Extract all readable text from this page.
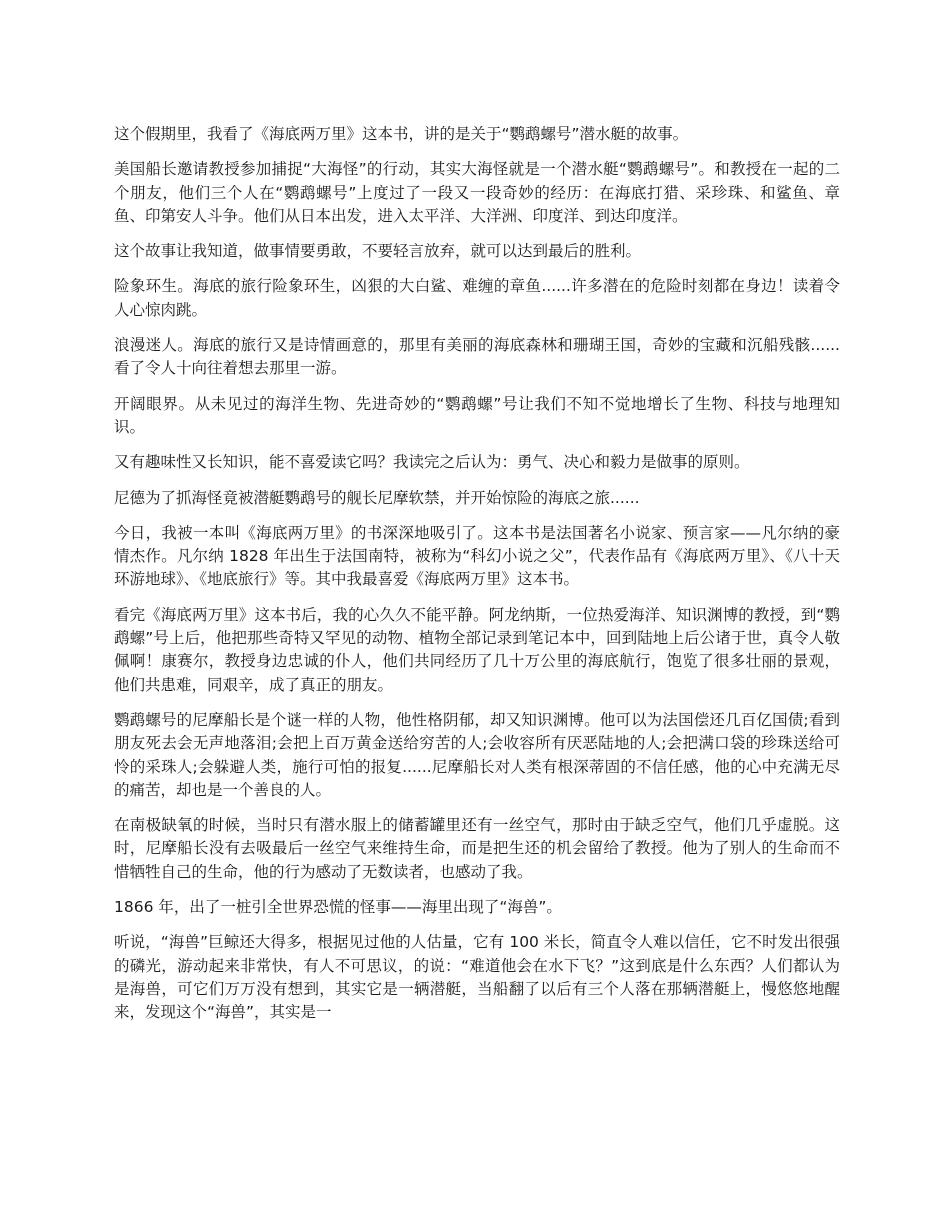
这个假期里，我看了《海底两万里》这本书，讲的是关于“鹦鹉螺号”潜水艇的故事。

美国船长邀请教授参加捕捉“大海怪”的行动，其实大海怪就是一个潜水艇“鹦鹉螺号”。和教授在一起的二个朋友，他们三个人在“鹦鹉螺号”上度过了一段又一段奇妙的经历：在海底打猎、采珍珠、和鲨鱼、章鱼、印第安人斗争。他们从日本出发，进入太平洋、大洋洲、印度洋、到达印度洋。

这个故事让我知道，做事情要勇敢，不要轻言放弃，就可以达到最后的胜利。

险象环生。海底的旅行险象环生，凶狠的大白鲨、难缠的章鱼......许多潜在的危险时刻都在身边！读着令人心惊肉跳。

浪漫迷人。海底的旅行又是诗情画意的，那里有美丽的海底森林和珊瑚王国，奇妙的宝藏和沉船残骸......看了令人十向往着想去那里一游。

开阔眼界。从未见过的海洋生物、先进奇妙的“鹦鹉螺”号让我们不知不觉地增长了生物、科技与地理知识。

又有趣味性又长知识，能不喜爱读它吗？我读完之后认为：勇气、决心和毅力是做事的原则。

尼德为了抓海怪竟被潜艇鹦鹉号的舰长尼摩软禁，并开始惊险的海底之旅......

今日，我被一本叫《海底两万里》的书深深地吸引了。这本书是法国著名小说家、预言家——凡尔纳的豪情杰作。凡尔纳 1828 年出生于法国南特，被称为“科幻小说之父”，代表作品有《海底两万里》、《八十天环游地球》、《地底旅行》等。其中我最喜爱《海底两万里》这本书。

看完《海底两万里》这本书后，我的心久久不能平静。阿龙纳斯，一位热爱海洋、知识渊博的教授，到“鹦鹉螺”号上后，他把那些奇特又罕见的动物、植物全部记录到笔记本中，回到陆地上后公诸于世，真令人敬佩啊！康赛尔，教授身边忠诚的仆人，他们共同经历了几十万公里的海底航行，饱览了很多壮丽的景观，他们共患难，同艰辛，成了真正的朋友。

鹦鹉螺号的尼摩船长是个谜一样的人物，他性格阴郁，却又知识渊博。他可以为法国偿还几百亿国债;看到朋友死去会无声地落泪;会把上百万黄金送给穷苦的人;会收容所有厌恶陆地的人;会把满口袋的珍珠送给可怜的采珠人;会躲避人类，施行可怕的报复......尼摩船长对人类有根深蒂固的不信任感，他的心中充满无尽的痛苦，却也是一个善良的人。

在南极缺氧的时候，当时只有潜水服上的储蓄罐里还有一丝空气，那时由于缺乏空气，他们几乎虚脱。这时，尼摩船长没有去吸最后一丝空气来维持生命，而是把生还的机会留给了教授。他为了别人的生命而不惜牺牲自己的生命，他的行为感动了无数读者，也感动了我。

1866 年，出了一桩引全世界恐慌的怪事——海里出现了“海兽”。

听说，“海兽”巨鲸还大得多，根据见过他的人估量，它有 100 米长，简直令人难以信任，它不时发出很强的磷光，游动起来非常快，有人不可思议，的说：“难道他会在水下飞？”这到底是什么东西？人们都认为是海兽，可它们万万没有想到，其实它是一辆潜艇，当船翻了以后有三个人落在那辆潜艇上，慢悠悠地醒来，发现这个“海兽”，其实是一
